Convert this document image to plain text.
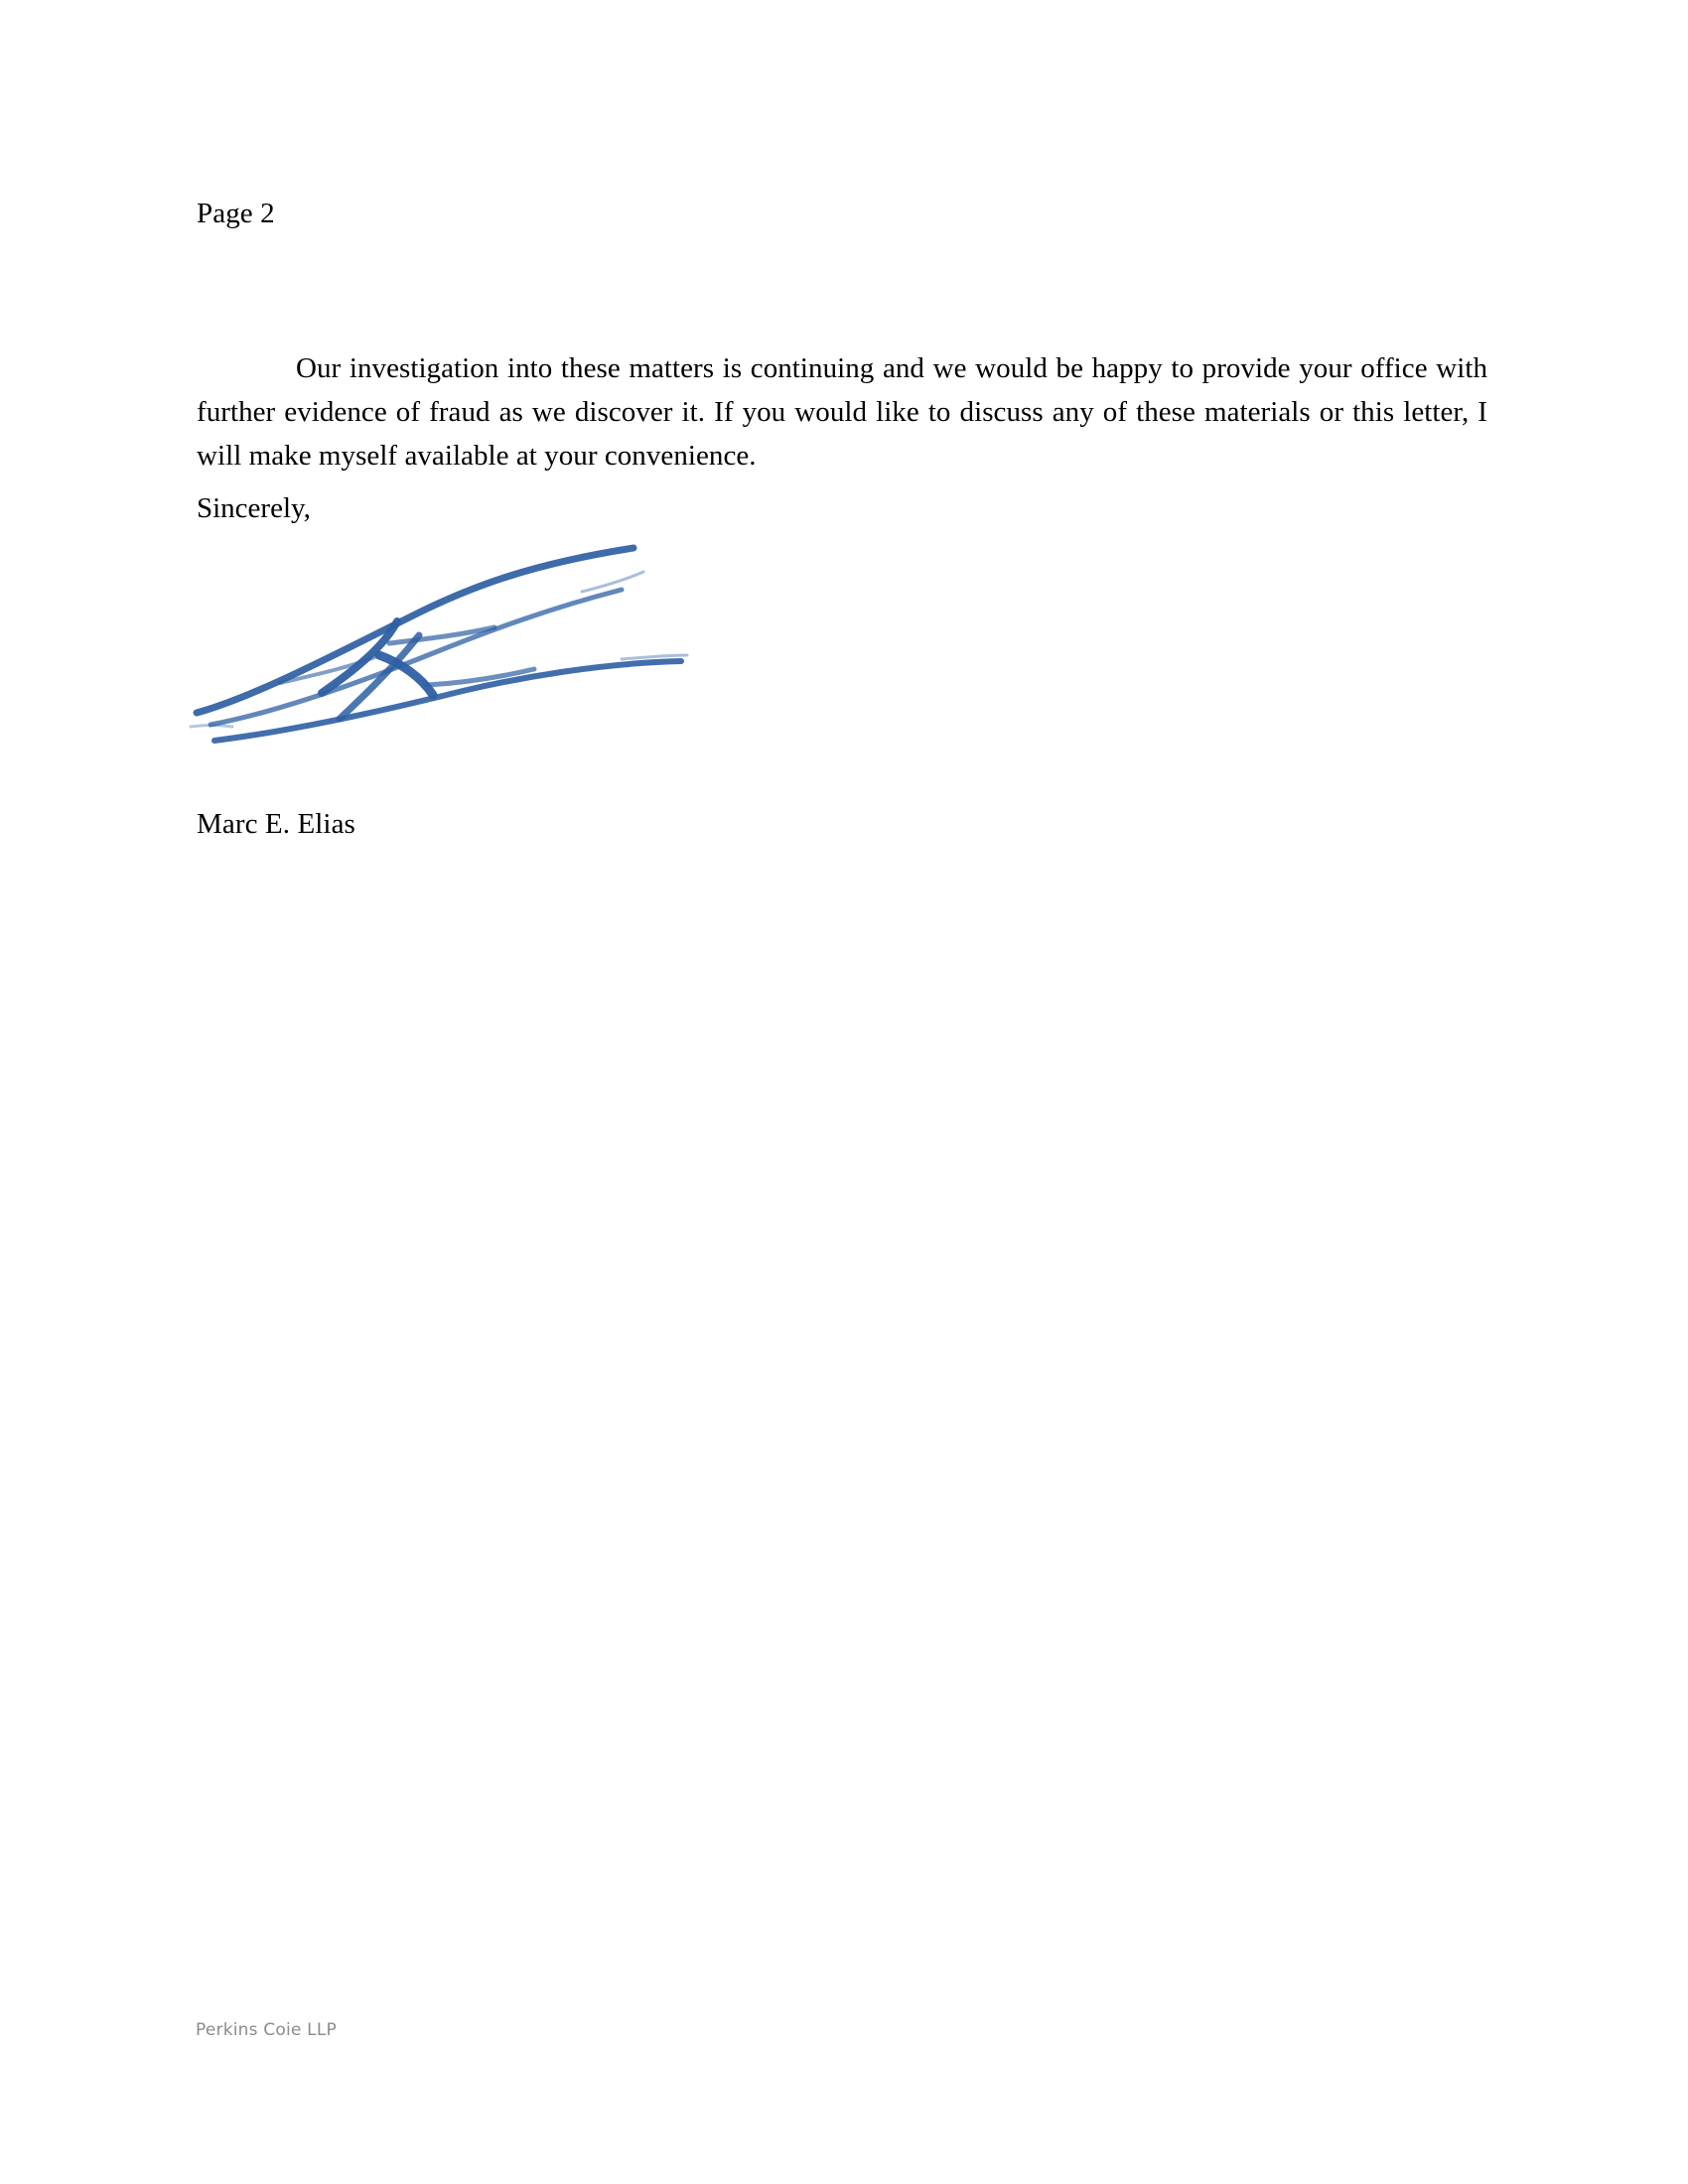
Page 2
Our investigation into these matters is continuing and we would be happy to provide your office with further evidence of fraud as we discover it. If you would like to discuss any of these materials or this letter, I will make myself available at your convenience.
Sincerely,
Marc E. Elias
Perkins Coie LLP
